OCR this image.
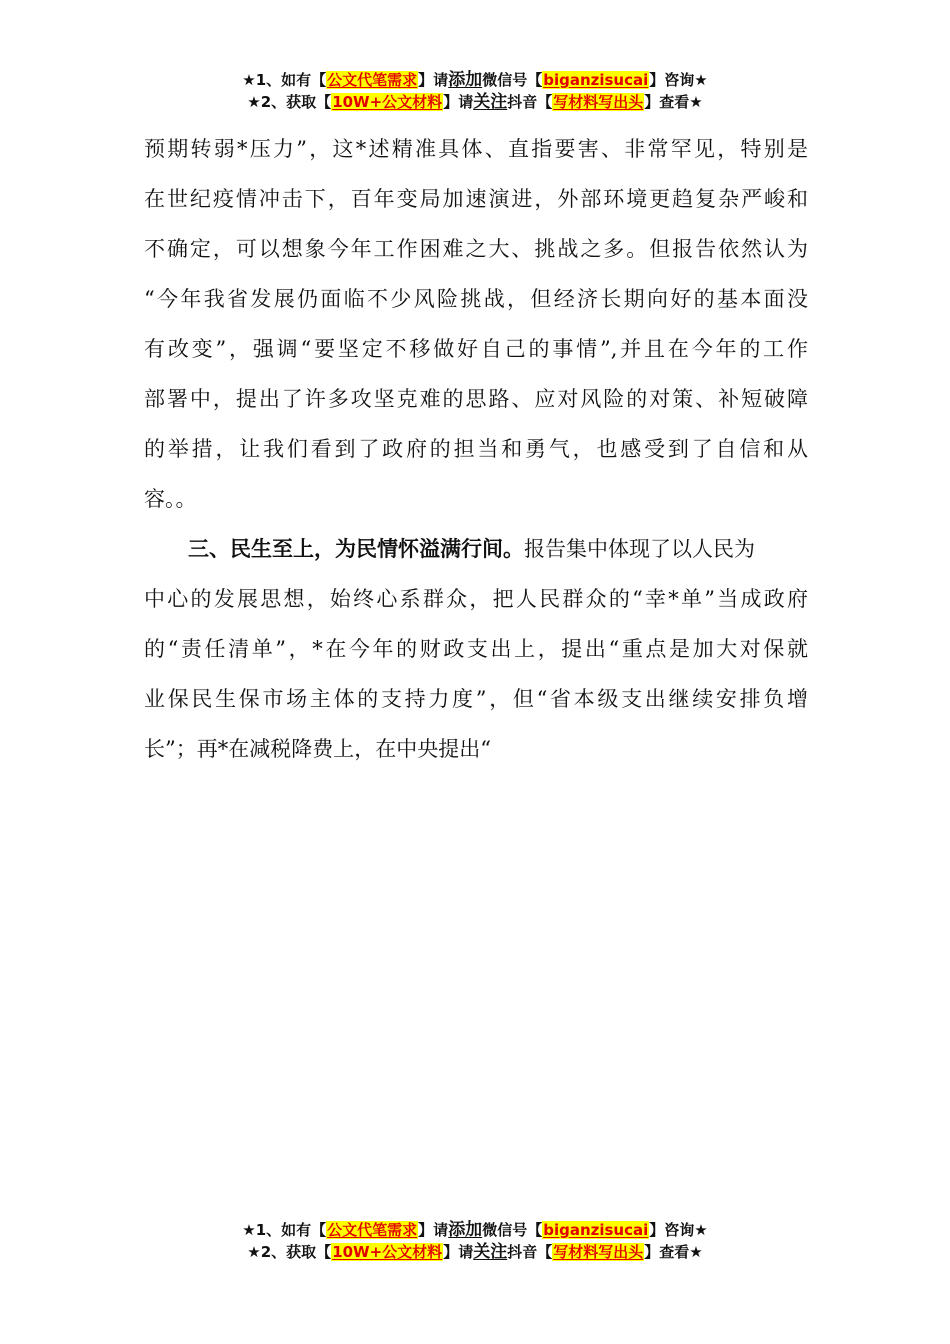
★1、如有【公文代笔需求】请添加微信号【biganzisucai】咨询★
★2、获取【10W+公文材料】请关注抖音【写材料写出头】查看★
预期转弱*压力”，这*述精准具体、直指要害、非常罕见，特别是
在世纪疫情冲击下，百年变局加速演进，外部环境更趋复杂严峻和
不确定，可以想象今年工作困难之大、挑战之多。但报告依然认为
“今年我省发展仍面临不少风险挑战，但经济长期向好的基本面没
有改变”，强调“要坚定不移做好自己的事情”,并且在今年的工作
部署中，提出了许多攻坚克难的思路、应对风险的对策、补短破障
的举措，让我们看到了政府的担当和勇气，也感受到了自信和从
容。。
三、民生至上，为民情怀溢满行间。报告集中体现了以人民为
中心的发展思想，始终心系群众，把人民群众的“幸*单”当成政府
的“责任清单”，*在今年的财政支出上，提出“重点是加大对保就
业保民生保市场主体的支持力度”，但“省本级支出继续安排负增
长”；再*在减税降费上，在中央提出“
★1、如有【公文代笔需求】请添加微信号【biganzisucai】咨询★
★2、获取【10W+公文材料】请关注抖音【写材料写出头】查看★
